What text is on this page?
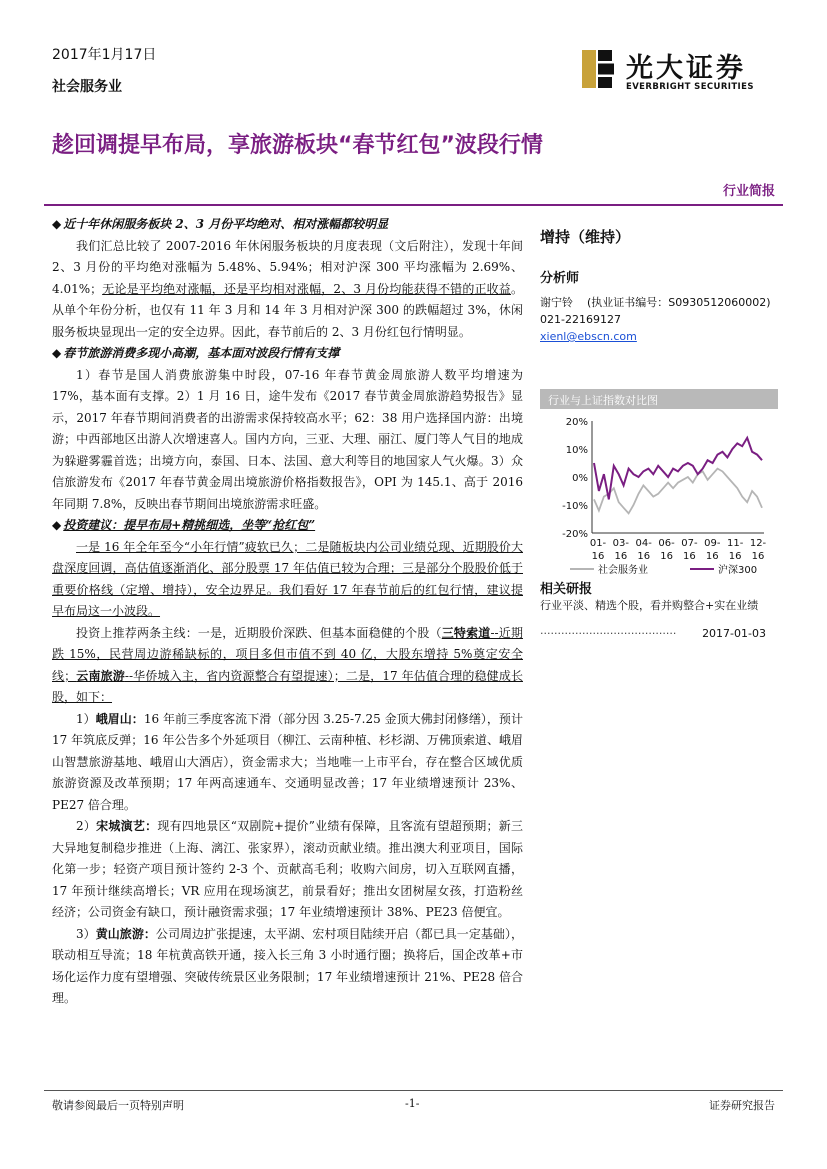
2017年1月17日
社会服务业
光大证券
EVERBRIGHT SECURITIES
趁回调提早布局，享旅游板块“春节红包”波段行情
行业简报

◆ 近十年休闲服务板块 2、3 月份平均绝对、相对涨幅都较明显

我们汇总比较了 2007-2016 年休闲服务板块的月度表现（文后附注），发现十年间 2、3 月份的平均绝对涨幅为 5.48%、5.94%；相对沪深 300 平均涨幅为 2.69%、4.01%；无论是平均绝对涨幅，还是平均相对涨幅，2、3 月份均能获得不错的正收益。从单个年份分析，也仅有 11 年 3 月和 14 年 3 月相对沪深 300 的跌幅超过 3%，休闲服务板块显现出一定的安全边界。因此，春节前后的 2、3 月份红包行情明显。

◆ 春节旅游消费多现小高潮，基本面对波段行情有支撑

1）春节是国人消费旅游集中时段，07-16 年春节黄金周旅游人数平均增速为 17%，基本面有支撑。2）1 月 16 日，途牛发布《2017 春节黄金周旅游趋势报告》显示，2017 年春节期间消费者的出游需求保持较高水平；62：38 用户选择国内游：出境游；中西部地区出游人次增速喜人。国内方向，三亚、大理、丽江、厦门等人气目的地成为躲避雾霾首选；出境方向，泰国、日本、法国、意大利等目的地国家人气火爆。3）众信旅游发布《2017 年春节黄金周出境旅游价格指数报告》，OPI 为 145.1、高于 2016 年同期 7.8%，反映出春节期间出境旅游需求旺盛。

◆ 投资建议：提早布局+精挑细选，坐等“抢红包”

一是 16 年全年至今“小年行情”疲软已久；二是随板块内公司业绩兑现、近期股价大盘深度回调，高估值逐渐消化、部分股票 17 年估值已较为合理；三是部分个股股价低于重要价格线（定增、增持），安全边界足。我们看好 17 年春节前后的红包行情，建议提早布局这一小波段。

投资上推荐两条主线：一是，近期股价深跌、但基本面稳健的个股（三特索道--近期跌 15%，民营周边游稀缺标的，项目多但市值不到 40 亿，大股东增持 5%奠定安全线；云南旅游--华侨城入主，省内资源整合有望提速）；二是，17 年估值合理的稳健成长股，如下：

1）峨眉山：16 年前三季度客流下滑（部分因 3.25-7.25 金顶大佛封闭修缮），预计 17 年筑底反弹；16 年公告多个外延项目（柳江、云南种植、杉杉湖、万佛顶索道、峨眉山智慧旅游基地、峨眉山大酒店），资金需求大；当地唯一上市平台，存在整合区域优质旅游资源及改革预期；17 年两高速通车、交通明显改善；17 年业绩增速预计 23%、PE27 倍合理。

2）宋城演艺：现有四地景区“双剧院+提价”业绩有保障，且客流有望超预期；新三大异地复制稳步推进（上海、漓江、张家界），滚动贡献业绩。推出澳大利亚项目，国际化第一步；轻资产项目预计签约 2-3 个、贡献高毛利；收购六间房，切入互联网直播，17 年预计继续高增长；VR 应用在现场演艺，前景看好；推出女团树屋女孩，打造粉丝经济；公司资金有缺口，预计融资需求强；17 年业绩增速预计 38%、PE23 倍便宜。

3）黄山旅游：公司周边扩张提速，太平湖、宏村项目陆续开启（都已具一定基础），联动相互导流；18 年杭黄高铁开通，接入长三角 3 小时通行圈；换将后，国企改革+市场化运作力度有望增强、突破传统景区业务限制；17 年业绩增速预计 21%、PE28 倍合理。

增持（维持）
分析师
谢宁铃 (执业证书编号：S0930512060002)
021-22169127
xienl@ebscn.com
行业与上证指数对比图
20%
10%
0%
-10%
-20%
01-
16
03-
16
04-
16
06-
16
07-
16
09-
16
11-
16
12-
16
社会服务业	沪深300
相关研报
行业平淡、精选个股，看并购整合+实在业绩
······································· 2017-01-03
敬请参阅最后一页特别声明	-1-	证券研究报告
